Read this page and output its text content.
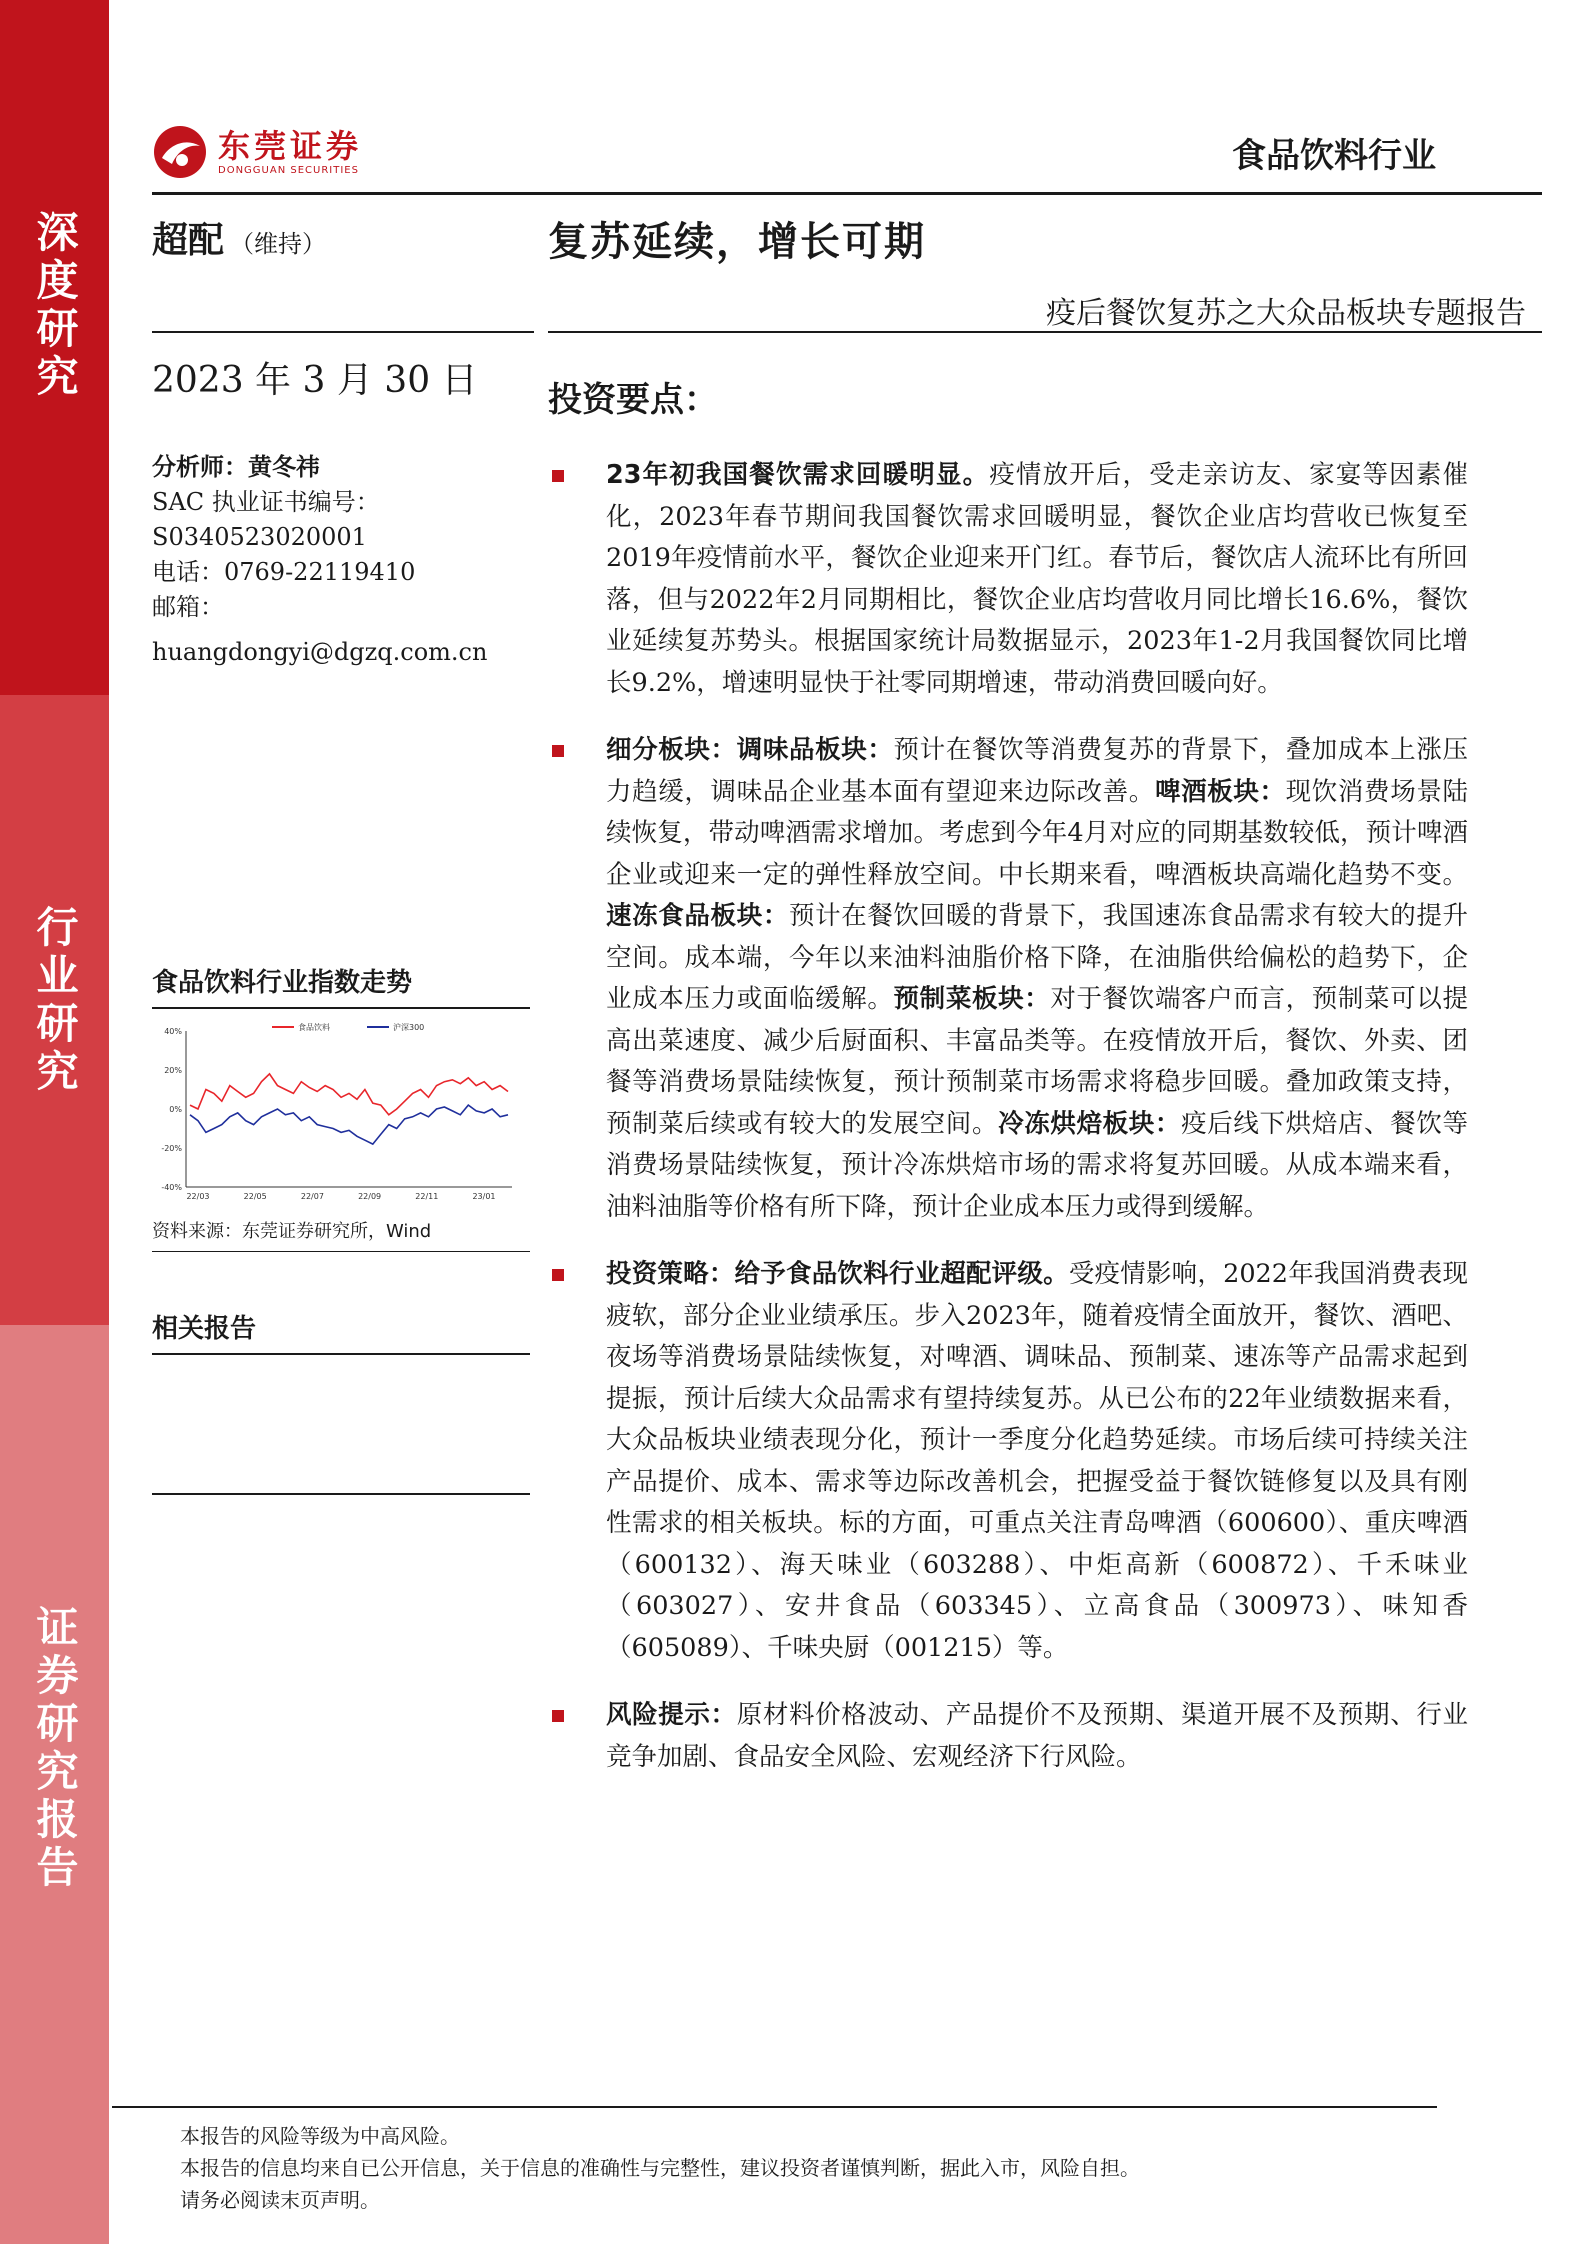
深度研究
行业研究
证券研究报告
东莞证券
DONGGUAN SECURITIES	食品饮料行业
超配 （维持）	复苏延续，增长可期
疫后餐饮复苏之大众品板块专题报告
2023 年 3 月 30 日
分析师：黄冬祎
SAC 执业证书编号：
S0340523020001
电话：0769-22119410
邮箱：
huangdongyi@dgzq.com.cn
食品饮料行业指数走势
40%
20%
0%
-20%
-40%
22/03	22/05	22/07	22/09	22/11	23/01
食品饮料	沪深300
资料来源：东莞证券研究所，Wind
相关报告
投资要点：
23年初我国餐饮需求回暖明显。疫情放开后，受走亲访友、家宴等因素催化，2023年春节期间我国餐饮需求回暖明显，餐饮企业店均营收已恢复至2019年疫情前水平，餐饮企业迎来开门红。春节后，餐饮店人流环比有所回落，但与2022年2月同期相比，餐饮企业店均营收月同比增长16.6%，餐饮业延续复苏势头。根据国家统计局数据显示，2023年1-2月我国餐饮同比增长9.2%，增速明显快于社零同期增速，带动消费回暖向好。
细分板块：调味品板块：预计在餐饮等消费复苏的背景下，叠加成本上涨压力趋缓，调味品企业基本面有望迎来边际改善。啤酒板块：现饮消费场景陆续恢复，带动啤酒需求增加。考虑到今年4月对应的同期基数较低，预计啤酒企业或迎来一定的弹性释放空间。中长期来看，啤酒板块高端化趋势不变。速冻食品板块：预计在餐饮回暖的背景下，我国速冻食品需求有较大的提升空间。成本端，今年以来油料油脂价格下降，在油脂供给偏松的趋势下，企业成本压力或面临缓解。预制菜板块：对于餐饮端客户而言，预制菜可以提高出菜速度、减少后厨面积、丰富品类等。在疫情放开后，餐饮、外卖、团餐等消费场景陆续恢复，预计预制菜市场需求将稳步回暖。叠加政策支持，预制菜后续或有较大的发展空间。冷冻烘焙板块：疫后线下烘焙店、餐饮等消费场景陆续恢复，预计冷冻烘焙市场的需求将复苏回暖。从成本端来看，油料油脂等价格有所下降，预计企业成本压力或得到缓解。
投资策略：给予食品饮料行业超配评级。受疫情影响，2022年我国消费表现疲软，部分企业业绩承压。步入2023年，随着疫情全面放开，餐饮、酒吧、夜场等消费场景陆续恢复，对啤酒、调味品、预制菜、速冻等产品需求起到提振，预计后续大众品需求有望持续复苏。从已公布的22年业绩数据来看，大众品板块业绩表现分化，预计一季度分化趋势延续。市场后续可持续关注产品提价、成本、需求等边际改善机会，把握受益于餐饮链修复以及具有刚性需求的相关板块。标的方面，可重点关注青岛啤酒（600600）、重庆啤酒（600132）、海天味业（603288）、中炬高新（600872）、千禾味业（603027）、安井食品（603345）、立高食品（300973）、味知香（605089）、千味央厨（001215）等。
风险提示：原材料价格波动、产品提价不及预期、渠道开展不及预期、行业竞争加剧、食品安全风险、宏观经济下行风险。
本报告的风险等级为中高风险。
本报告的信息均来自已公开信息，关于信息的准确性与完整性，建议投资者谨慎判断，据此入市，风险自担。
请务必阅读末页声明。
